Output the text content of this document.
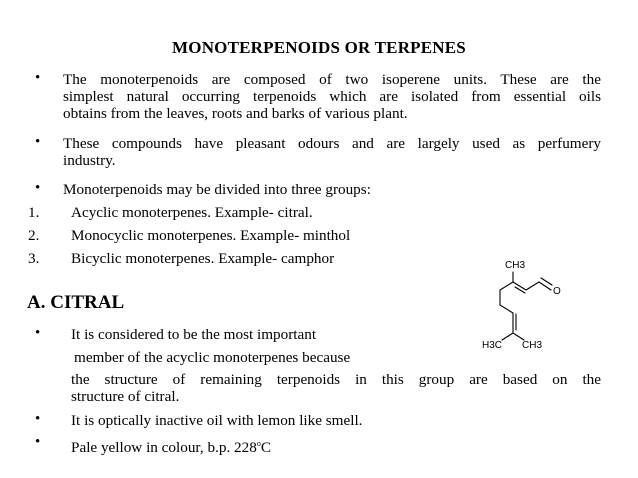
MONOTERPENOIDS OR TERPENES
• The monoterpenoids are composed of two isoperene units. These are the
simplest natural occurring terpenoids which are isolated from essential oils
obtains from the leaves, roots and barks of various plant.
• These compounds have pleasant odours and are largely used as perfumery
industry.
• Monoterpenoids may be divided into three groups:
1. Acyclic monoterpenes. Example- citral.
2. Monocyclic monoterpenes. Example- minthol
3. Bicyclic monoterpenes. Example- camphor
A. CITRAL
• It is considered to be the most important
member of the acyclic monoterpenes because
the structure of remaining terpenoids in this group are based on the
structure of citral.
• It is optically inactive oil with lemon like smell.
• Pale yellow in colour, b.p. 228$^o$C
CH3
O
H3C CH3
